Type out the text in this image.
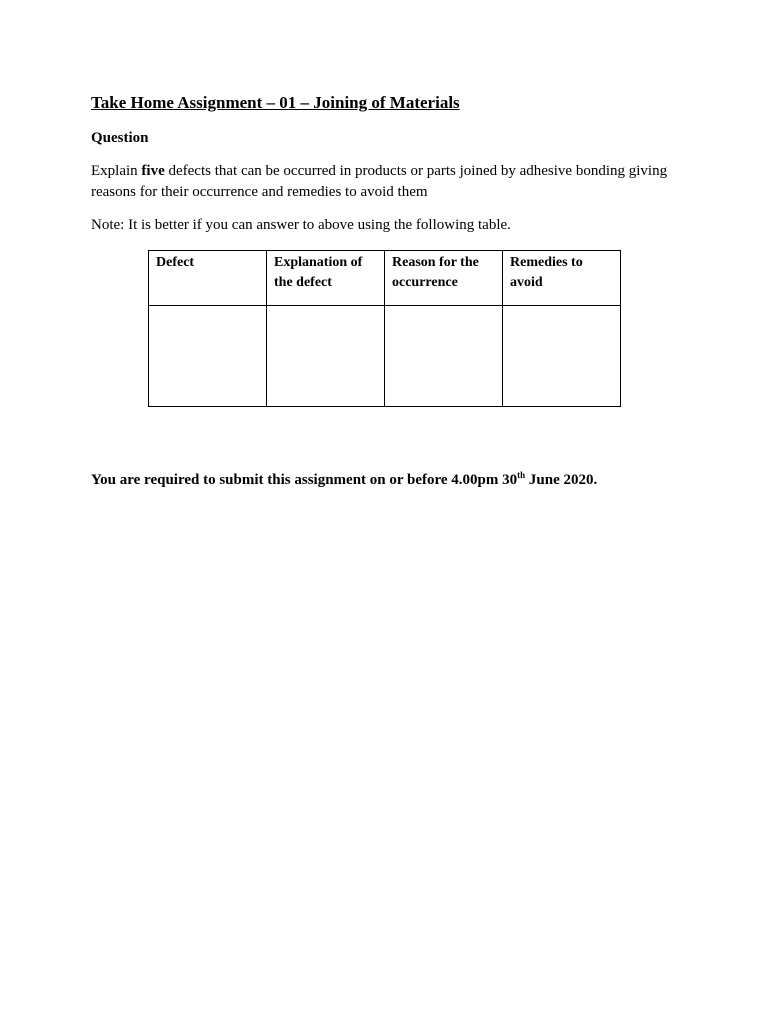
Take Home Assignment – 01 – Joining of Materials
Question
Explain five defects that can be occurred in products or parts joined by adhesive bonding giving reasons for their occurrence and remedies to avoid them
Note: It is better if you can answer to above using the following table.
Defect	Explanation of the defect	Reason for the occurrence	Remedies to avoid

You are required to submit this assignment on or before 4.00pm 30th June 2020.
